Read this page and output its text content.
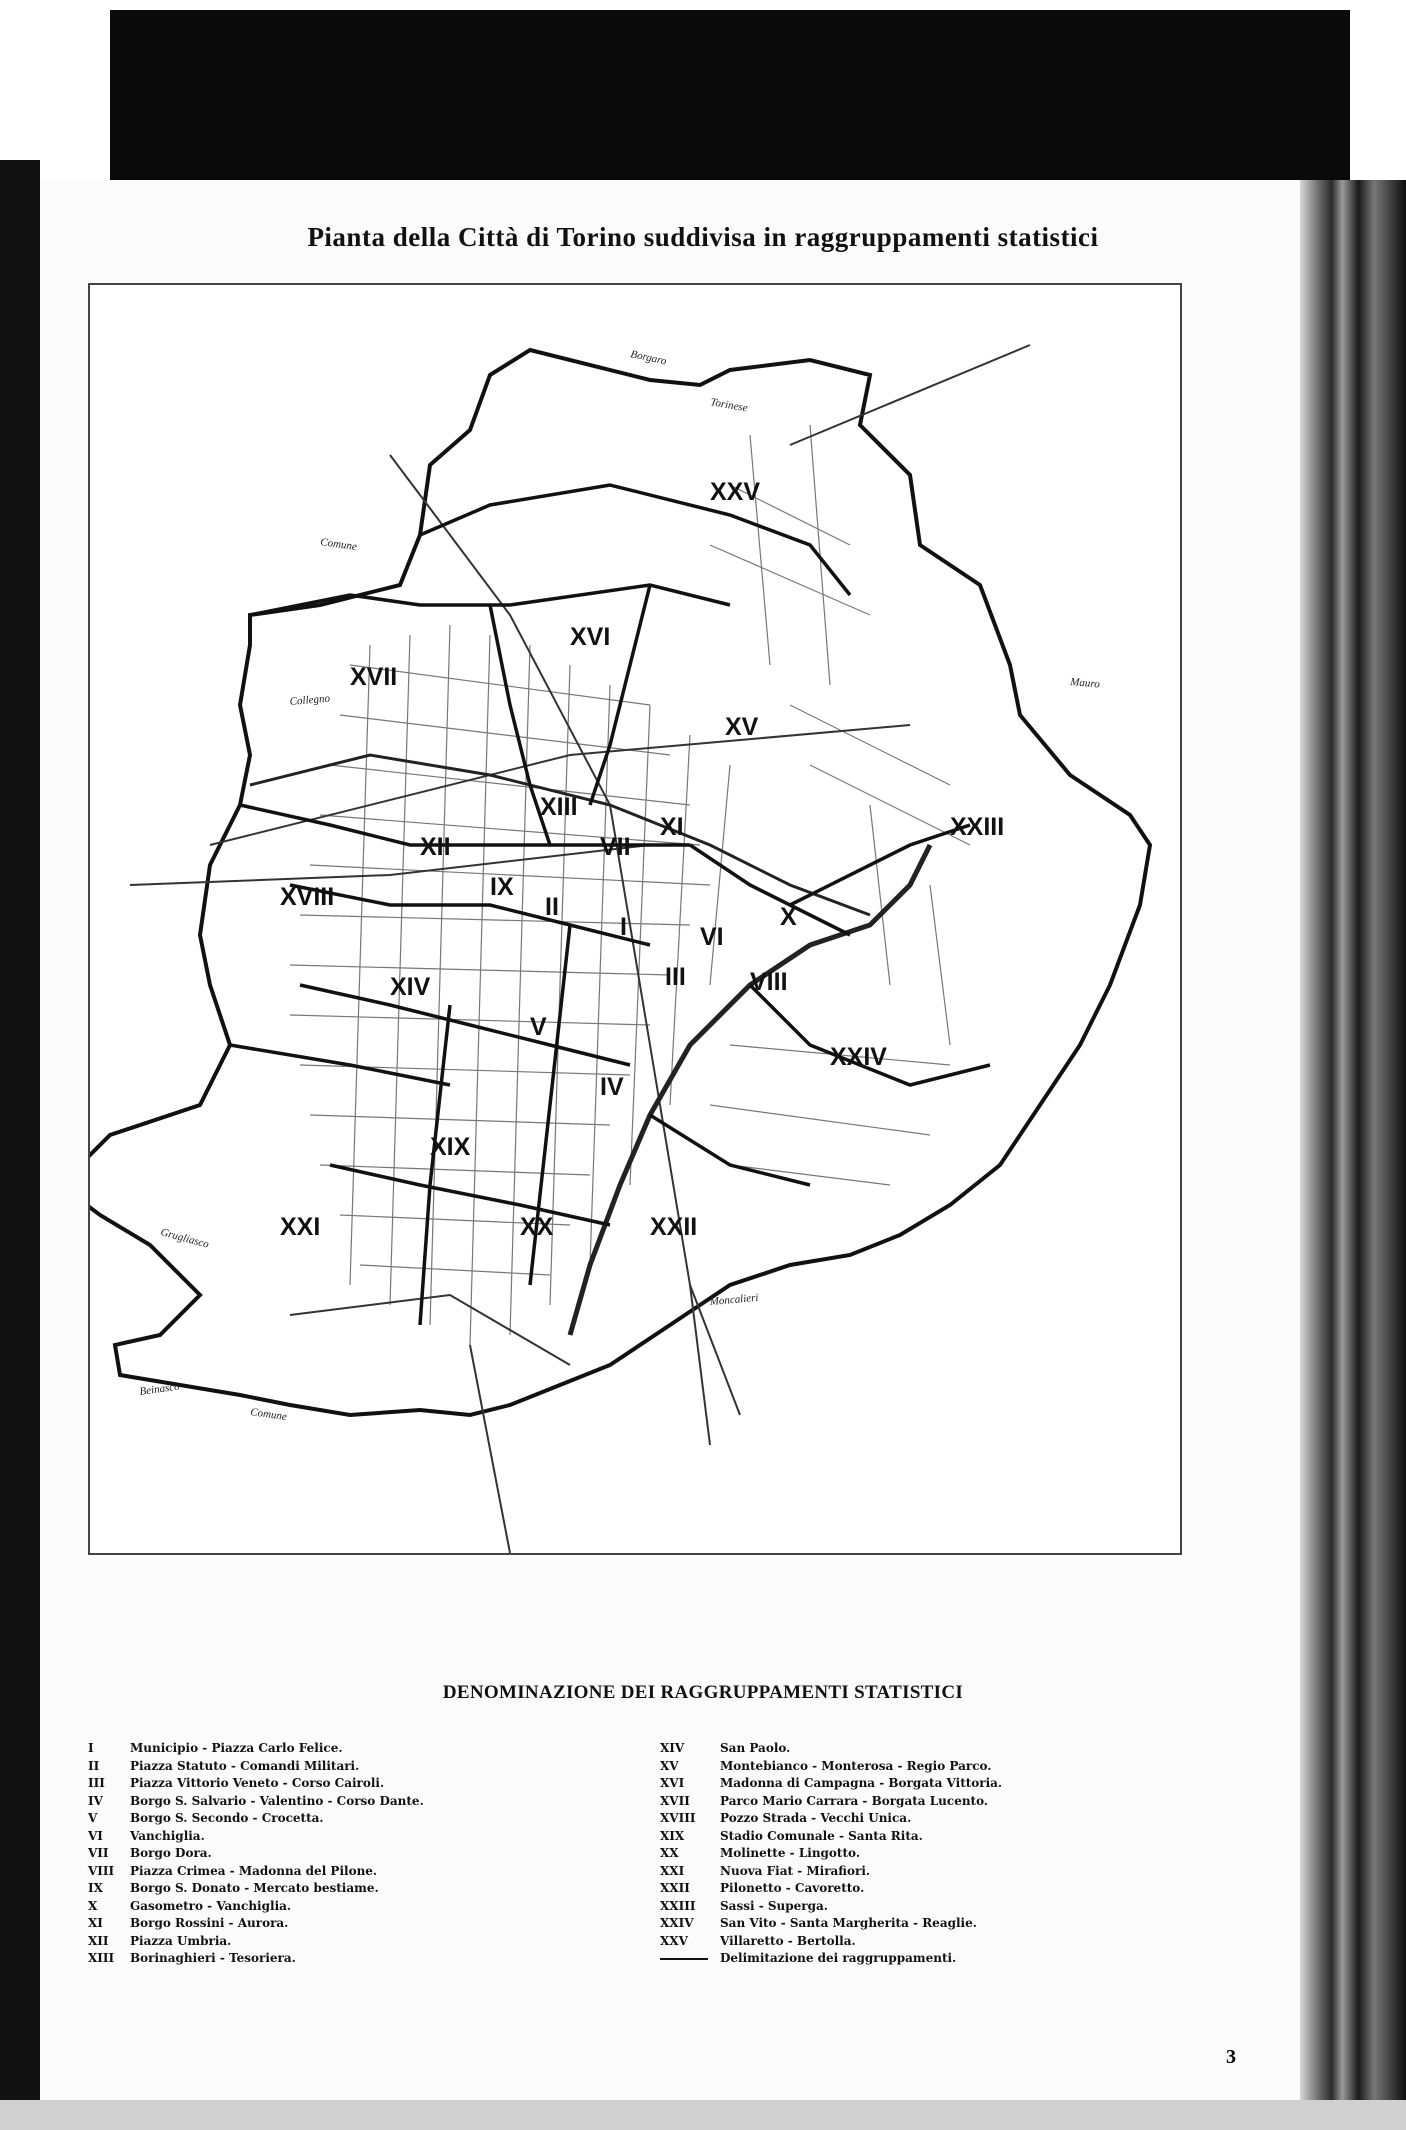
Pianta della Città di Torino suddivisa in raggruppamenti statistici
Borgaro
Torinese
Comune
Collegno
Grugliasco
Beinasco
Comune
Moncalieri
Mauro
XXV
XVI
XVII
XV
XIII
XI
VII
XII
XXIII
XVIII	IX
II
I	X
VI
III	VIII
XIV
V
XXIV
IV
XIX
XXI	XX	XXII
DENOMINAZIONE DEI RAGGRUPPAMENTI STATISTICI
I	Municipio - Piazza Carlo Felice.
II	Piazza Statuto - Comandi Militari.
III	Piazza Vittorio Veneto - Corso Cairoli.
IV	Borgo S. Salvario - Valentino - Corso Dante.
V	Borgo S. Secondo - Crocetta.
VI	Vanchiglia.
VII	Borgo Dora.
VIII	Piazza Crimea - Madonna del Pilone.
IX	Borgo S. Donato - Mercato bestiame.
X	Gasometro - Vanchiglia.
XI	Borgo Rossini - Aurora.
XII	Piazza Umbria.
XIII	Borinaghieri - Tesoriera.
XIV	San Paolo.
XV	Montebianco - Monterosa - Regio Parco.
XVI	Madonna di Campagna - Borgata Vittoria.
XVII	Parco Mario Carrara - Borgata Lucento.
XVIII	Pozzo Strada - Vecchi Unica.
XIX	Stadio Comunale - Santa Rita.
XX	Molinette - Lingotto.
XXI	Nuova Fiat - Mirafiori.
XXII	Pilonetto - Cavoretto.
XXIII	Sassi - Superga.
XXIV	San Vito - Santa Margherita - Reaglie.
XXV	Villaretto - Bertolla.
Delimitazione dei raggruppamenti.
3
